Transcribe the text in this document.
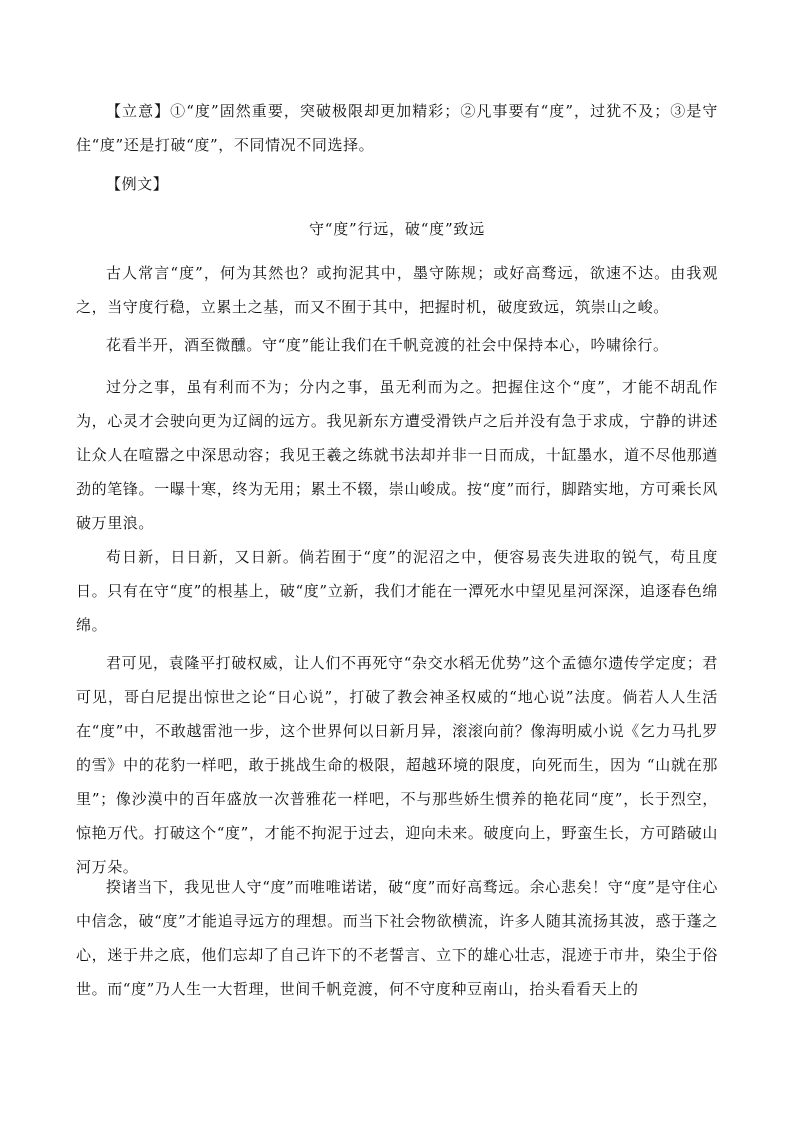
【立意】①“度”固然重要，突破极限却更加精彩；②凡事要有“度”，过犹不及；③是守住“度”还是打破“度”，不同情况不同选择。

【例文】

守“度”行远，破“度”致远

古人常言“度”，何为其然也？或拘泥其中，墨守陈规；或好高骛远，欲速不达。由我观之，当守度行稳，立累土之基，而又不囿于其中，把握时机，破度致远，筑崇山之峻。

花看半开，酒至微醺。守“度”能让我们在千帆竞渡的社会中保持本心，吟啸徐行。

过分之事，虽有利而不为；分内之事，虽无利而为之。把握住这个“度”，才能不胡乱作为，心灵才会驶向更为辽阔的远方。我见新东方遭受滑铁卢之后并没有急于求成，宁静的讲述让众人在喧嚣之中深思动容；我见王羲之练就书法却并非一日而成，十缸墨水，道不尽他那遒劲的笔锋。一曝十寒，终为无用；累土不辍，崇山峻成。按“度”而行，脚踏实地，方可乘长风破万里浪。

苟日新，日日新，又日新。倘若囿于“度”的泥沼之中，便容易丧失进取的锐气，苟且度日。只有在守“度”的根基上，破“度”立新，我们才能在一潭死水中望见星河深深，追逐春色绵绵。

君可见，袁隆平打破权威，让人们不再死守“杂交水稻无优势”这个孟德尔遗传学定度；君可见，哥白尼提出惊世之论“日心说”，打破了教会神圣权威的“地心说”法度。倘若人人生活在“度”中，不敢越雷池一步，这个世界何以日新月异，滚滚向前？像海明威小说《乞力马扎罗的雪》中的花豹一样吧，敢于挑战生命的极限，超越环境的限度，向死而生，因为 “山就在那里”；像沙漠中的百年盛放一次普雅花一样吧，不与那些娇生惯养的艳花同“度”，长于烈空，惊艳万代。打破这个“度”，才能不拘泥于过去，迎向未来。破度向上，野蛮生长，方可踏破山河万朵。

揆诸当下，我见世人守“度”而唯唯诺诺，破“度”而好高骛远。余心悲矣！守“度”是守住心中信念，破“度”才能追寻远方的理想。而当下社会物欲横流，许多人随其流扬其波，惑于蓬之心，迷于井之底，他们忘却了自己许下的不老誓言、立下的雄心壮志，混迹于市井，染尘于俗世。而“度”乃人生一大哲理，世间千帆竞渡，何不守度种豆南山，抬头看看天上的
